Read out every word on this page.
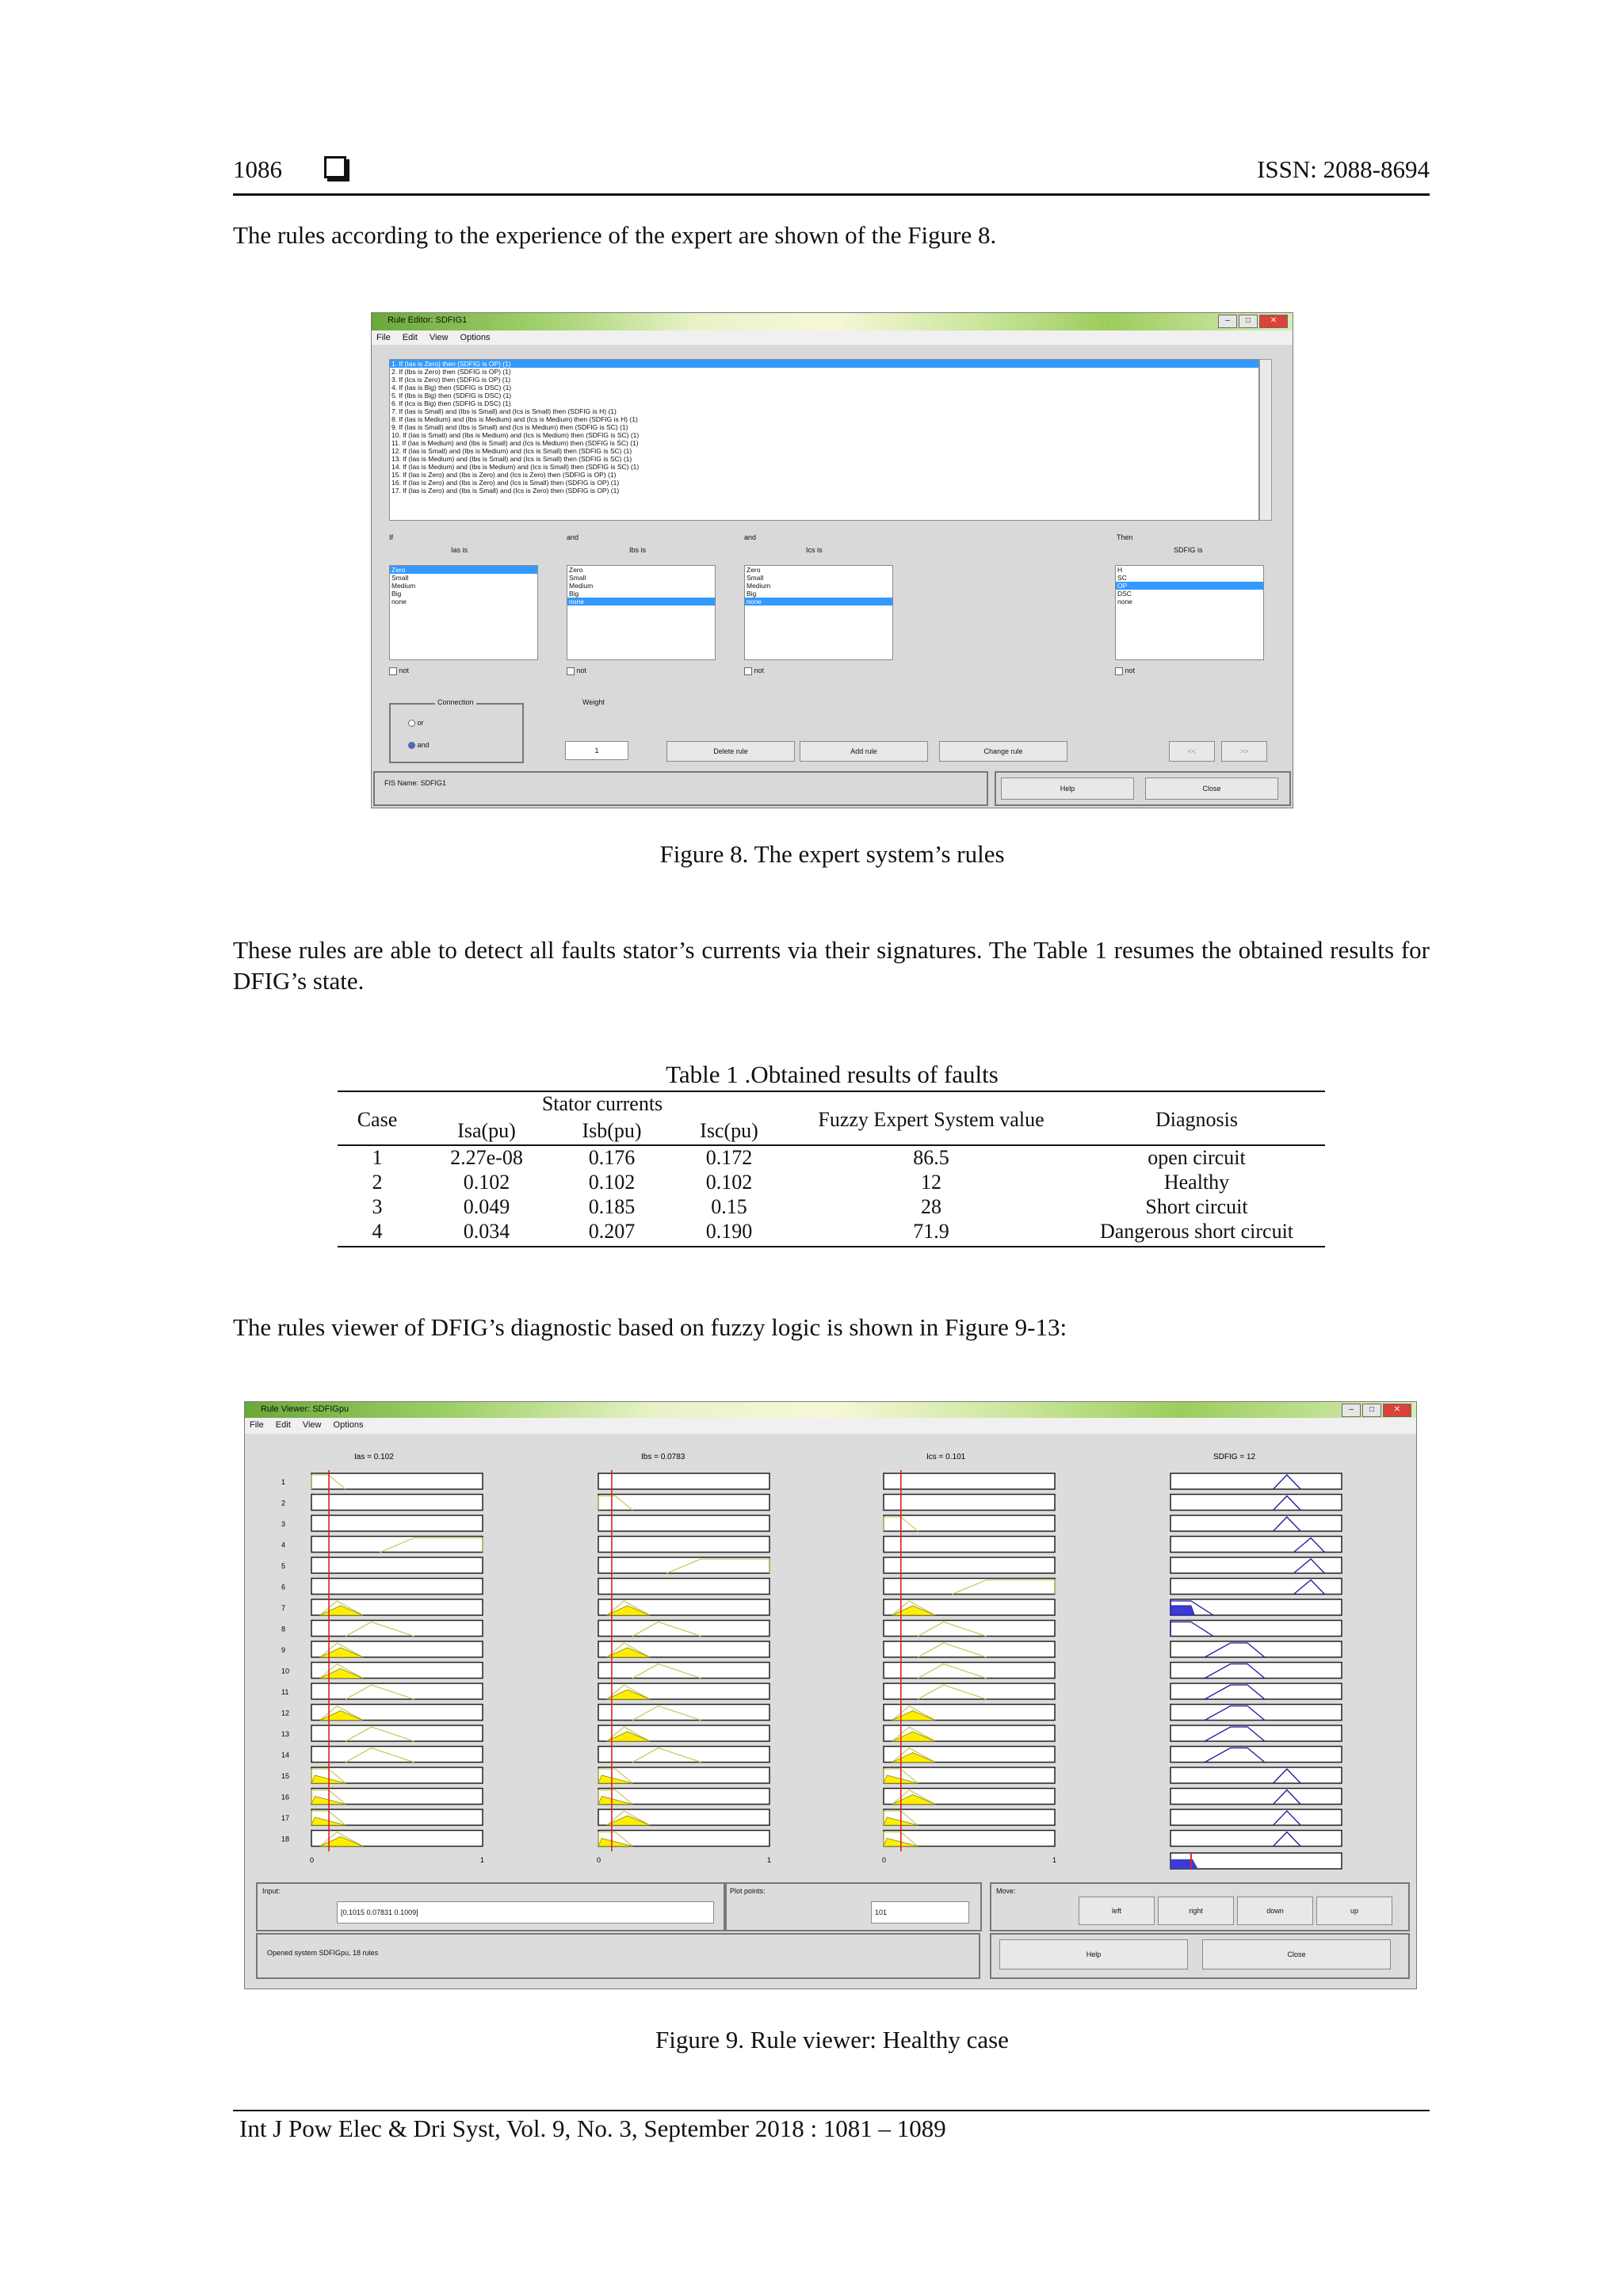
1086	ISSN: 2088-8694
The rules according to the experience of the expert are shown of the Figure 8.
Rule Editor: SDFIG1	–	□	✕
File Edit View Options
1. If (Ias is Zero) then (SDFIG is OP) (1)
2. If (Ibs is Zero) then (SDFIG is OP) (1)
3. If (Ics is Zero) then (SDFIG is OP) (1)
4. If (Ias is Big) then (SDFIG is DSC) (1)
5. If (Ibs is Big) then (SDFIG is DSC) (1)
6. If (Ics is Big) then (SDFIG is DSC) (1)
7. If (Ias is Small) and (Ibs is Small) and (Ics is Small) then (SDFIG is H) (1)
8. If (Ias is Medium) and (Ibs is Medium) and (Ics is Medium) then (SDFIG is H) (1)
9. If (Ias is Small) and (Ibs is Small) and (Ics is Medium) then (SDFIG is SC) (1)
10. If (Ias is Small) and (Ibs is Medium) and (Ics is Medium) then (SDFIG is SC) (1)
11. If (Ias is Medium) and (Ibs is Small) and (Ics is Medium) then (SDFIG is SC) (1)
12. If (Ias is Small) and (Ibs is Medium) and (Ics is Small) then (SDFIG is SC) (1)
13. If (Ias is Medium) and (Ibs is Small) and (Ics is Small) then (SDFIG is SC) (1)
14. If (Ias is Medium) and (Ibs is Medium) and (Ics is Small) then (SDFIG is SC) (1)
15. If (Ias is Zero) and (Ibs is Zero) and (Ics is Zero) then (SDFIG is OP) (1)
16. If (Ias is Zero) and (Ibs is Zero) and (Ics is Small) then (SDFIG is OP) (1)
17. If (Ias is Zero) and (Ibs is Small) and (Ics is Zero) then (SDFIG is OP) (1)
If	and	and	Then
Ias is	Ibs is	Ics is	SDFIG is
Zero
Small
Medium
Big
none
Zero
Small
Medium
Big
none
Zero
Small
Medium
Big
none
H
SC
OP
DSC
none
not	not	not	not
Connection
or
and
Weight
1	Delete rule	Add rule	Change rule	<<	>>
FIS Name: SDFIG1
Help	Close
Figure 8. The expert system’s rules
These rules are able to detect all faults stator’s currents via their signatures. The Table 1 resumes the obtained results for DFIG’s state.
Table 1 .Obtained results of faults
Case
Stator currents
Isa(pu)	Isb(pu)	Isc(pu)	Fuzzy Expert System value	Diagnosis
1	2.27e-08	0.176	0.172	86.5	open circuit
2	0.102	0.102	0.102	12	Healthy
3	0.049	0.185	0.15	28	Short circuit
4	0.034	0.207	0.190	71.9	Dangerous short circuit
The rules viewer of DFIG’s diagnostic based on fuzzy logic is shown in Figure 9-13:
Rule Viewer: SDFIGpu	–	□	✕
File Edit View Options
Ias = 0.102	Ibs = 0.0783	Ics = 0.101	SDFIG = 12
1
2
3
4
5
6
7
8
9
10
11
12
13
14
15
16
17
18
0	1	0	1	0	1
Input:
[0.1015 0.07831 0.1009]
Plot points:
101
Move:
left	right	down	up
Opened system SDFIGpu, 18 rules	Help	Close
Figure 9. Rule viewer: Healthy case
Int J Pow Elec & Dri Syst, Vol. 9, No. 3, September 2018 : 1081 – 1089
